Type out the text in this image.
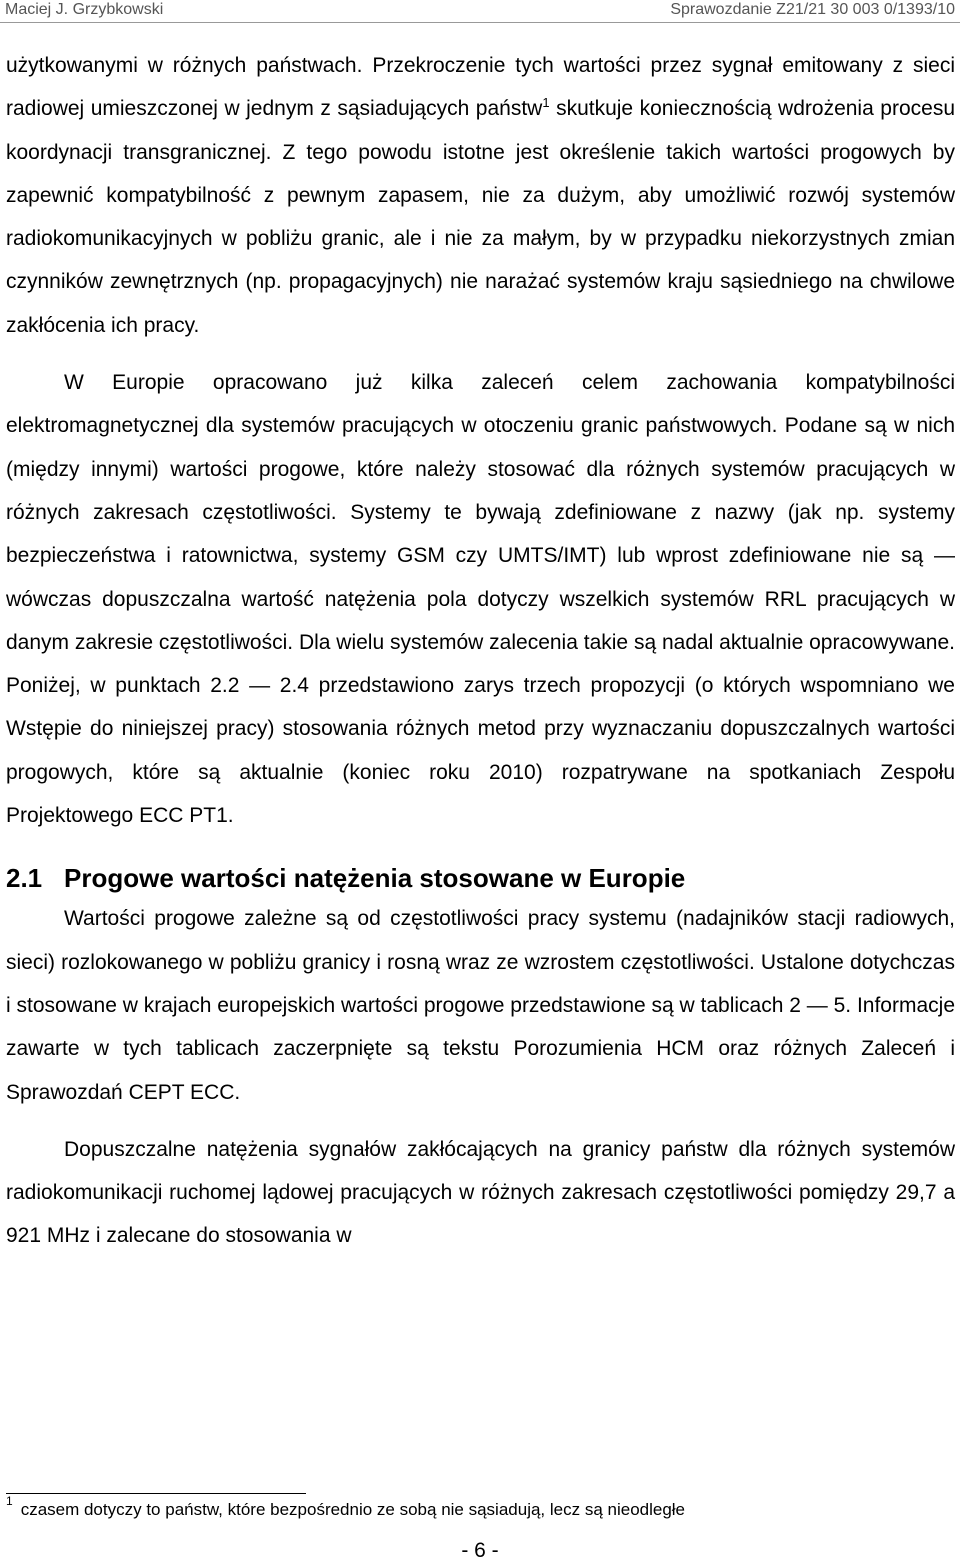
Maciej J. Grzybkowski	Sprawozdanie Z21/21 30 003 0/1393/10

użytkowanymi w różnych państwach. Przekroczenie tych wartości przez sygnał emitowany z sieci radiowej umieszczonej w jednym z sąsiadujących państw$^1$ skutkuje koniecznością wdrożenia procesu koordynacji transgranicznej. Z tego powodu istotne jest określenie takich wartości progowych by zapewnić kompatybilność z pewnym zapasem, nie za dużym, aby umożliwić rozwój systemów radiokomunikacyjnych w pobliżu granic, ale i nie za małym, by w przypadku niekorzystnych zmian czynników zewnętrznych (np. propagacyjnych) nie narażać systemów kraju sąsiedniego na chwilowe zakłócenia ich pracy.

W Europie opracowano już kilka zaleceń celem zachowania kompatybilności elektromagnetycznej dla systemów pracujących w otoczeniu granic państwowych. Podane są w nich (między innymi) wartości progowe, które należy stosować dla różnych systemów pracujących w różnych zakresach częstotliwości. Systemy te bywają zdefiniowane z nazwy (jak np. systemy bezpieczeństwa i ratownictwa, systemy GSM czy UMTS/IMT) lub wprost zdefiniowane nie są — wówczas dopuszczalna wartość natężenia pola dotyczy wszelkich systemów RRL pracujących w danym zakresie częstotliwości. Dla wielu systemów zalecenia takie są nadal aktualnie opracowywane. Poniżej, w punktach 2.2 — 2.4 przedstawiono zarys trzech propozycji (o których wspomniano we Wstępie do niniejszej pracy) stosowania różnych metod przy wyznaczaniu dopuszczalnych wartości progowych, które są aktualnie (koniec roku 2010) rozpatrywane na spotkaniach Zespołu Projektowego ECC PT1.

2.1 Progowe wartości natężenia stosowane w Europie

Wartości progowe zależne są od częstotliwości pracy systemu (nadajników stacji radiowych, sieci) rozlokowanego w pobliżu granicy i rosną wraz ze wzrostem częstotliwości. Ustalone dotychczas i stosowane w krajach europejskich wartości progowe przedstawione są w tablicach 2 — 5. Informacje zawarte w tych tablicach zaczerpnięte są tekstu Porozumienia HCM oraz różnych Zaleceń i Sprawozdań CEPT ECC.

Dopuszczalne natężenia sygnałów zakłócających na granicy państw dla różnych systemów radiokomunikacji ruchomej lądowej pracujących w różnych zakresach częstotliwości pomiędzy 29,7 a 921 MHz i zalecane do stosowania w

$^1$ czasem dotyczy to państw, które bezpośrednio ze sobą nie sąsiadują, lecz są nieodległe
- 6 -
